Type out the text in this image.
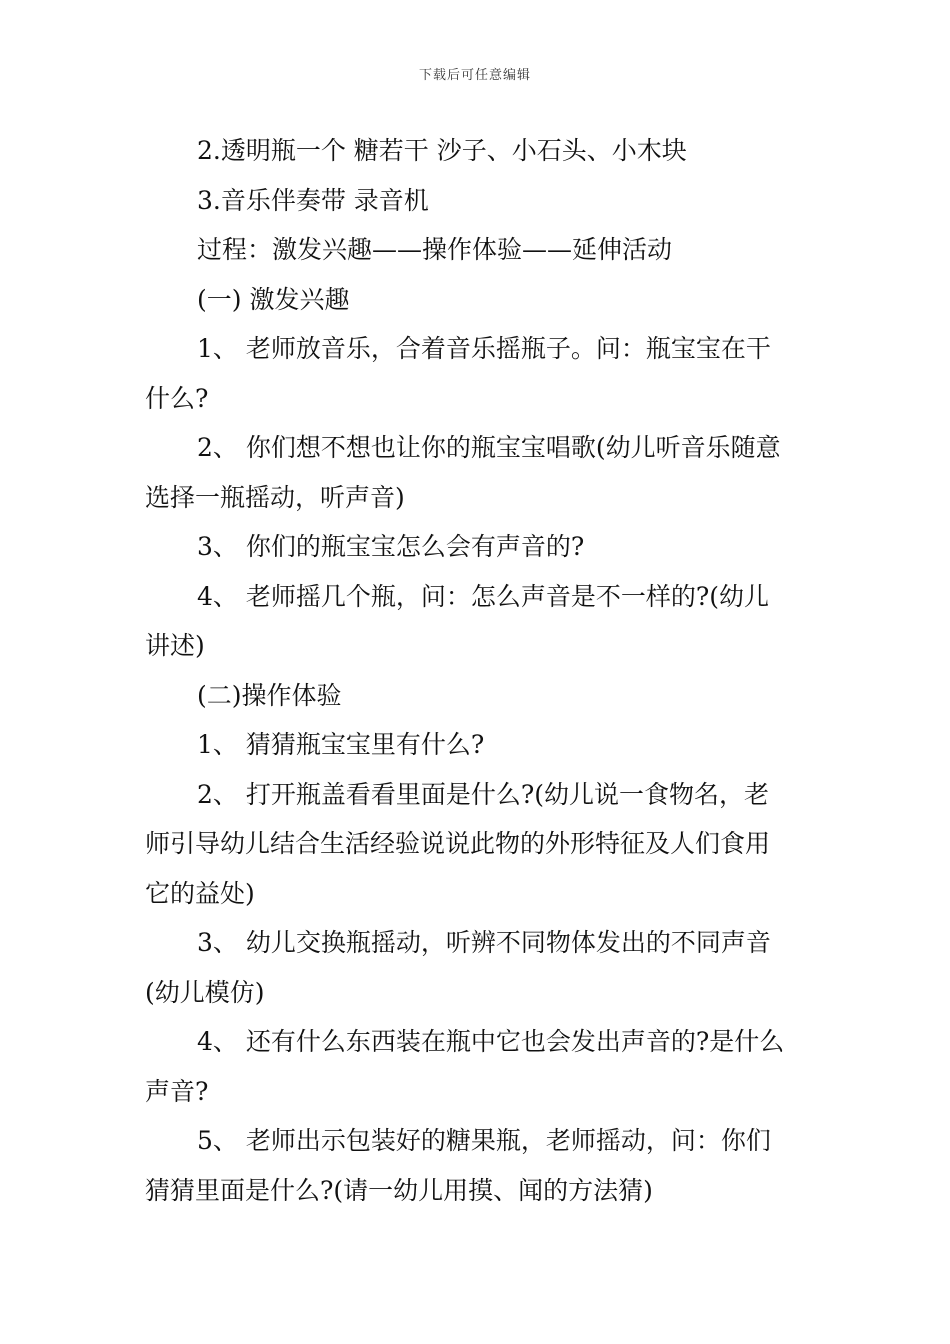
下载后可任意编辑

2.透明瓶一个 糖若干 沙子、小石头、小木块

3.音乐伴奏带 录音机

过程：激发兴趣——操作体验——延伸活动

(一) 激发兴趣

1、 老师放音乐，合着音乐摇瓶子。问：瓶宝宝在干

什么?

2、 你们想不想也让你的瓶宝宝唱歌(幼儿听音乐随意

选择一瓶摇动，听声音)

3、 你们的瓶宝宝怎么会有声音的?

4、 老师摇几个瓶，问：怎么声音是不一样的?(幼儿

讲述)

(二)操作体验

1、 猜猜瓶宝宝里有什么?

2、 打开瓶盖看看里面是什么?(幼儿说一食物名，老

师引导幼儿结合生活经验说说此物的外形特征及人们食用

它的益处)

3、 幼儿交换瓶摇动，听辨不同物体发出的不同声音

(幼儿模仿)

4、 还有什么东西装在瓶中它也会发出声音的?是什么

声音?

5、 老师出示包装好的糖果瓶，老师摇动，问：你们

猜猜里面是什么?(请一幼儿用摸、闻的方法猜)
